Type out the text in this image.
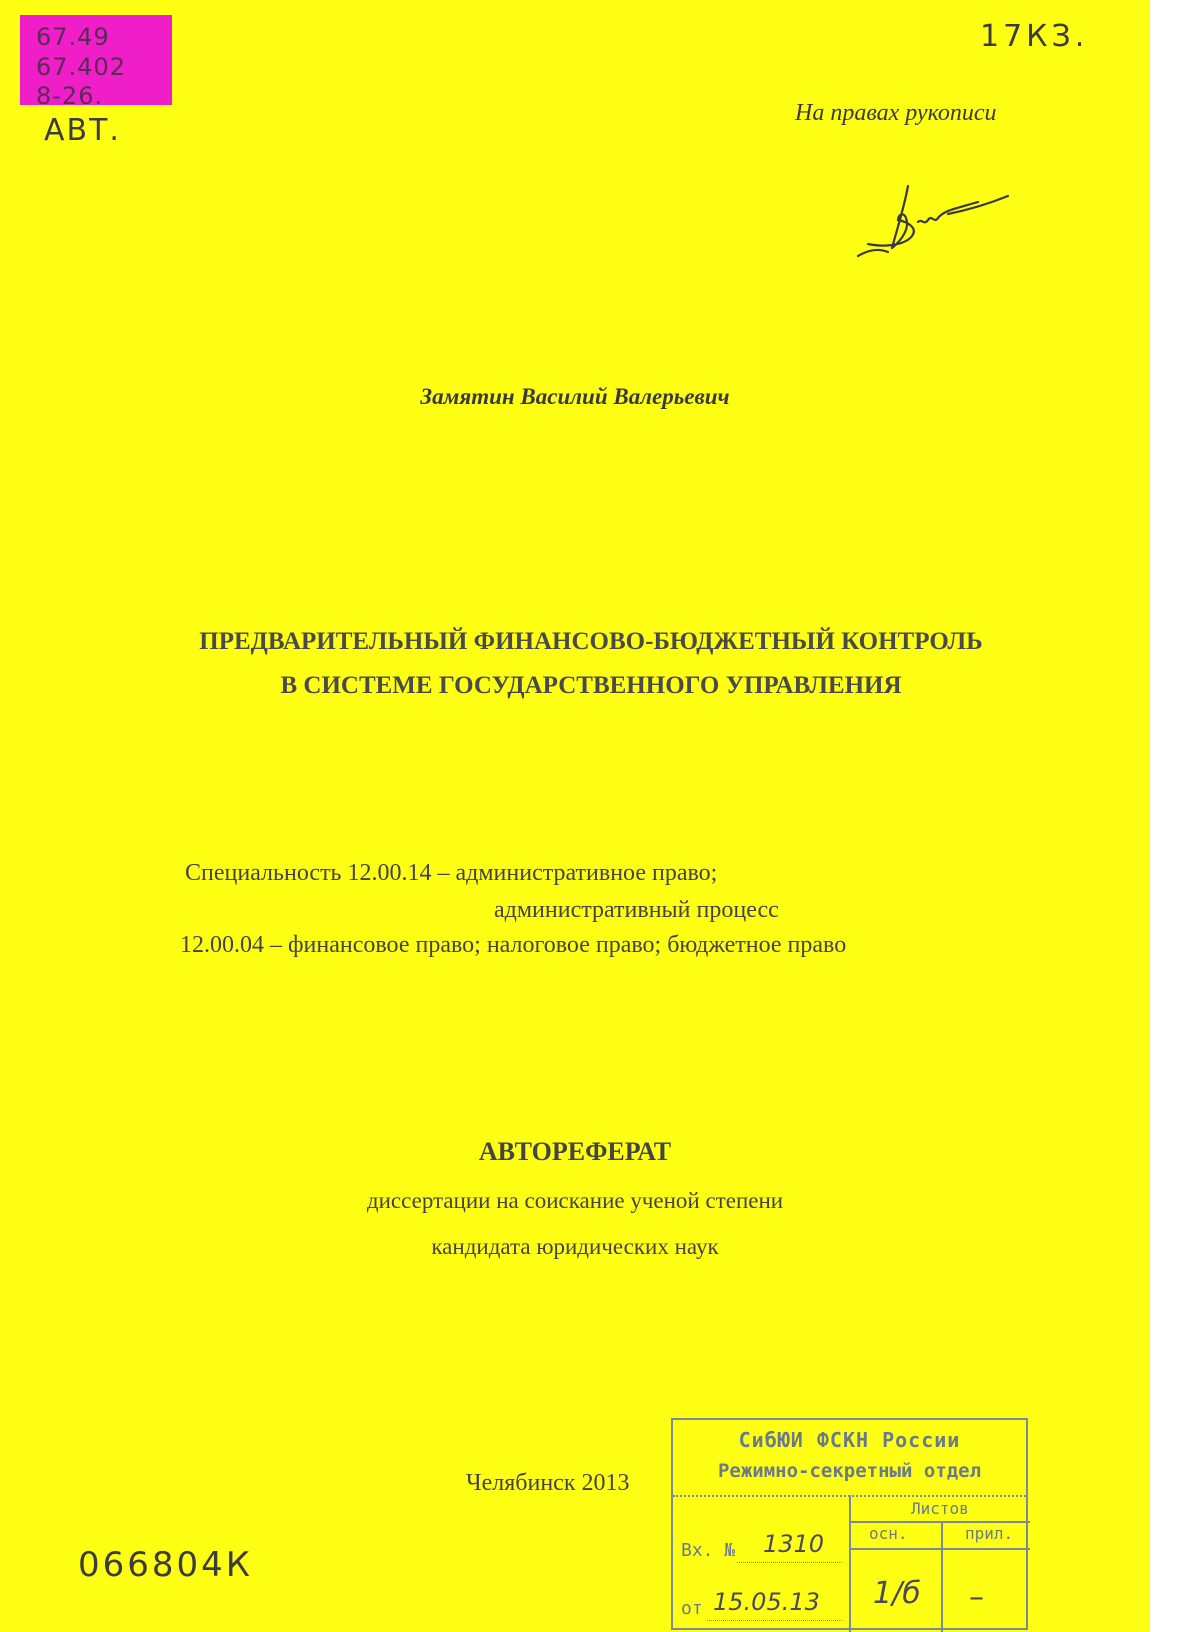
67.49
67.402
8-26.
АВТ.
17КЗ.
На правах рукописи
Замятин Василий Валерьевич
ПРЕДВАРИТЕЛЬНЫЙ ФИНАНСОВО-БЮДЖЕТНЫЙ КОНТРОЛЬ
В СИСТЕМЕ ГОСУДАРСТВЕННОГО УПРАВЛЕНИЯ
Специальность 12.00.14 – административное право;
административный процесс
12.00.04 – финансовое право; налоговое право; бюджетное право
АВТОРЕФЕРАТ
диссертации на соискание ученой степени
кандидата юридических наук
Челябинск 2013
СибЮИ ФСКН России
Режимно-секретный отдел
Листов
осн.	прил.
Вх. № 1310
от 15.05.13 1/б –
066804К
